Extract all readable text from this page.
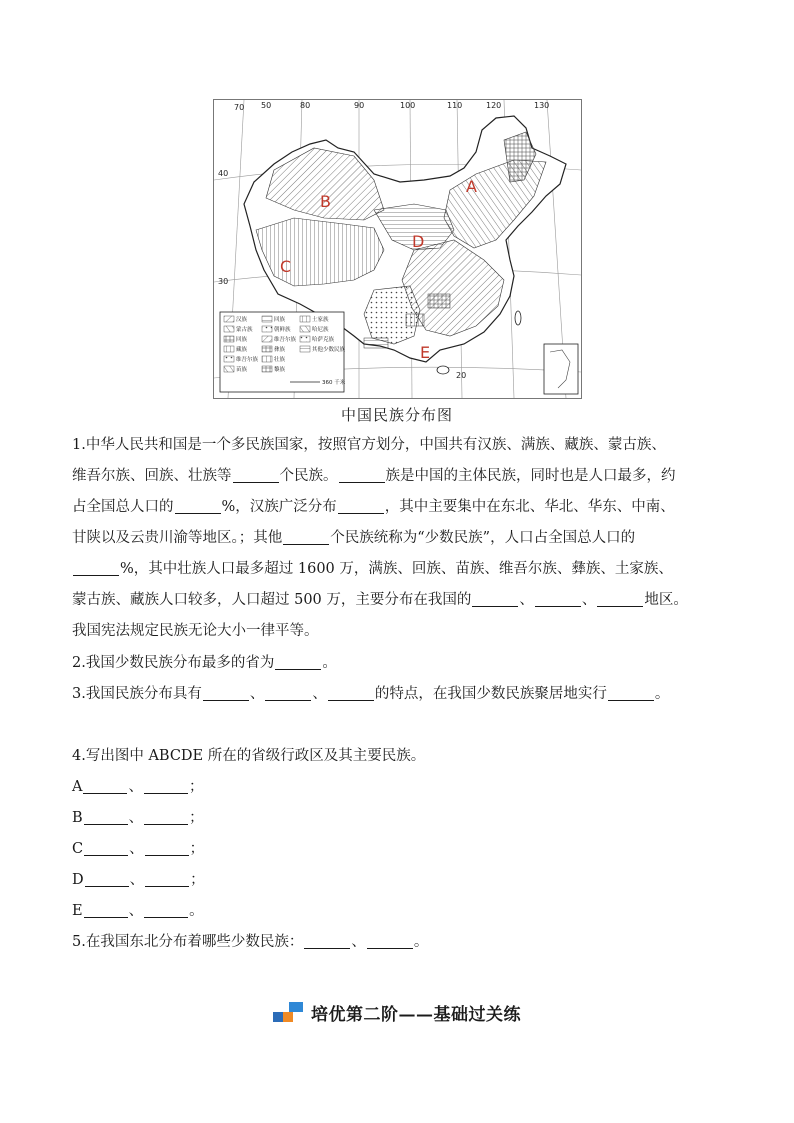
70 50	80	90	100	110	120	130
40
30
20
汉族
蒙古族
回族
藏族
回族
朝鲜族
维吾尔族
彝族
土家族
哈尼族
哈萨克族
其他少数民族
维吾尔族
苗族
壮族
黎族
360 千米
A
B
C
D
E
中国民族分布图
1.中华人民共和国是一个多民族国家，按照官方划分，中国共有汉族、满族、藏族、蒙古族、
维吾尔族、回族、壮族等	个民族。	族是中国的主体民族，同时也是人口最多，约
占全国总人口的	%，汉族广泛分布	，其中主要集中在东北、华北、华东、中南、
甘陕以及云贵川渝等地区。；其他	个民族统称为“少数民族”，人口占全国总人口的
%，其中壮族人口最多超过 1600 万，满族、回族、苗族、维吾尔族、彝族、土家族、
蒙古族、藏族人口较多，人口超过 500 万，主要分布在我国的	、	、	地区。
我国宪法规定民族无论大小一律平等。
2.我国少数民族分布最多的省为	。
3.我国民族分布具有	、	、	的特点，在我国少数民族聚居地实行	。
4.写出图中 ABCDE 所在的省级行政区及其主要民族。
A	、	；
B	、	；
C	、	；
D	、	；
E	、	。
5.在我国东北分布着哪些少数民族：	、	。
培优第二阶——基础过关练
